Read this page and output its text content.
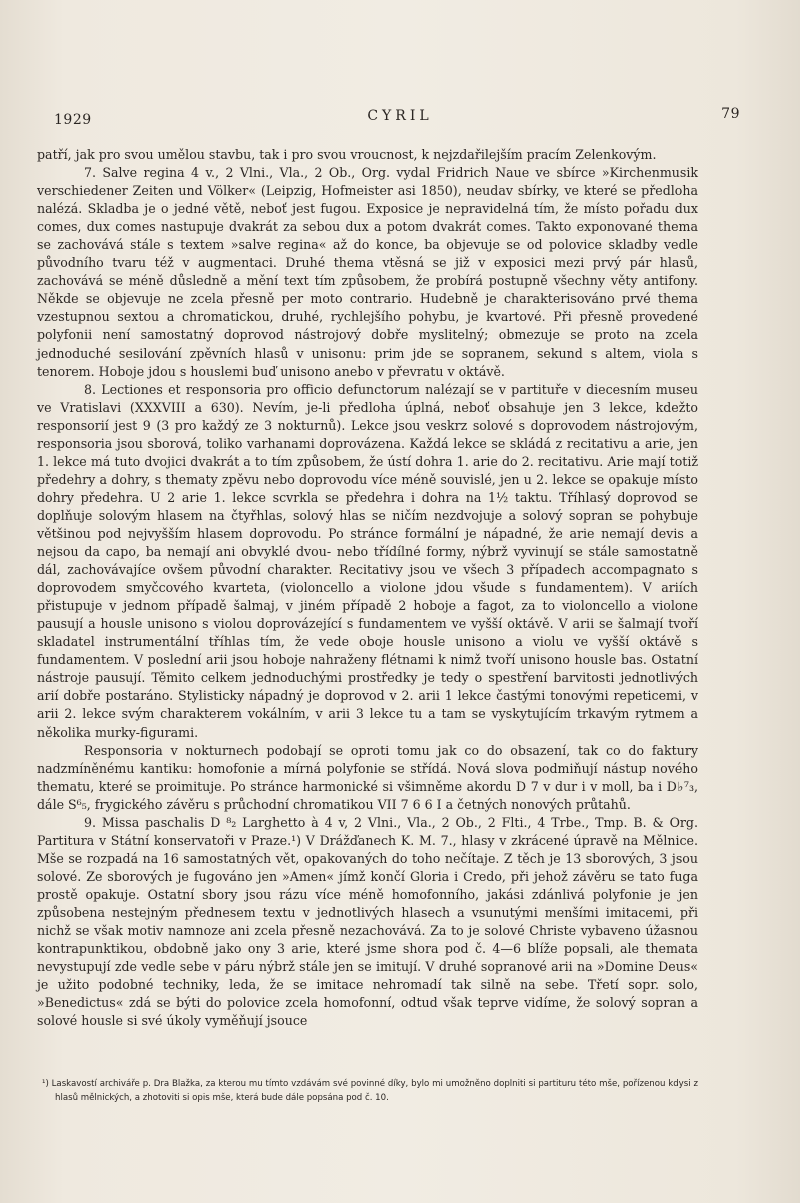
1929	CYRIL	79

patří, jak pro svou umělou stavbu, tak i pro svou vroucnost, k nejzdařilejším pracím Zelenkovým.

7. Salve regina 4 v., 2 Vlni., Vla., 2 Ob., Org. vydal Fridrich Naue ve sbírce »Kirchenmusik verschiedener Zeiten und Völker« (Leipzig, Hofmeister asi 1850), neudav sbírky, ve které se předloha nalézá. Skladba je o jedné větě, neboť jest fugou. Exposice je nepravidelná tím, že místo pořadu dux comes, dux comes nastupuje dvakrát za sebou dux a potom dvakrát comes. Takto exponované thema se zachovává stále s textem »salve regina« až do konce, ba objevuje se od polovice skladby vedle původního tvaru též v augmentaci. Druhé thema vtěsná se již v exposici mezi prvý pár hlasů, zachovává se méně důsledně a mění text tím způsobem, že probírá postupně všechny věty antifony. Někde se objevuje ne zcela přesně per moto contrario. Hudebně je charakterisováno prvé thema vzestupnou sextou a chromatickou, druhé, rychlejšího pohybu, je kvartové. Při přesně provedené polyfonii není samostatný doprovod nástrojový dobře myslitelný; obmezuje se proto na zcela jednoduché sesilování zpěvních hlasů v unisonu: prim jde se sopranem, sekund s altem, viola s tenorem. Hoboje jdou s houslemi buď unisono anebo v převratu v oktávě.

8. Lectiones et responsoria pro officio defunctorum nalézají se v partituře v diecesním museu ve Vratislavi (XXXVIII a 630). Nevím, je-li předloha úplná, neboť obsahuje jen 3 lekce, kdežto responsorií jest 9 (3 pro každý ze 3 nokturnů). Lekce jsou veskrz solové s doprovodem nástrojovým, responsoria jsou sborová, toliko varhanami doprovázena. Každá lekce se skládá z recitativu a arie, jen 1. lekce má tuto dvojici dvakrát a to tím způsobem, že ústí dohra 1. arie do 2. recitativu. Arie mají totiž předehry a dohry, s thematy zpěvu nebo doprovodu více méně souvislé, jen u 2. lekce se opakuje místo dohry předehra. U 2 arie 1. lekce scvrkla se předehra i dohra na 1½ taktu. Tříhlasý doprovod se doplňuje solovým hlasem na čtyřhlas, solový hlas se ničím nezdvojuje a solový sopran se pohybuje většinou pod nejvyšším hlasem doprovodu. Po stránce formální je nápadné, že arie nemají devis a nejsou da capo, ba nemají ani obvyklé dvou- nebo třídílné formy, nýbrž vyvinují se stále samostatně dál, zachovávajíce ovšem původní charakter. Recitativy jsou ve všech 3 případech accompagnato s doprovodem smyčcového kvarteta, (violoncello a violone jdou všude s fundamentem). V ariích přistupuje v jednom případě šalmaj, v jiném případě 2 hoboje a fagot, za to violoncello a violone pausují a housle unisono s violou doprovázející s fundamentem ve vyšší oktávě. V arii se šalmají tvoří skladatel instrumentální tříhlas tím, že vede oboje housle unisono a violu ve vyšší oktávě s fundamentem. V poslední arii jsou hoboje nahraženy flétnami k nimž tvoří unisono housle bas. Ostatní nástroje pausují. Těmito celkem jednoduchými prostředky je tedy o spestření barvitosti jednotlivých arií dobře postaráno. Stylisticky nápadný je doprovod v 2. arii 1 lekce častými tonovými repeticemi, v arii 2. lekce svým charakterem vokálním, v arii 3 lekce tu a tam se vyskytujícím trkavým rytmem a několika murky-figurami.

Responsoria v nokturnech podobají se oproti tomu jak co do obsazení, tak co do faktury nadzmíněnému kantiku: homofonie a mírná polyfonie se střídá. Nová slova podmiňují nástup nového thematu, které se proimituje. Po stránce harmonické si všimněme akordu D 7 v dur i v moll, ba i D♭⁷₃, dále S⁶₅, frygického závěru s průchodní chromatikou VII 7 6 6 I a četných nonových průtahů.

9. Missa paschalis D ⁸₂ Larghetto à 4 v, 2 Vlni., Vla., 2 Ob., 2 Flti., 4 Trbe., Tmp. B. & Org. Partitura v Státní konservatoři v Praze.¹) V Drážďanech K. M. 7., hlasy v zkrácené úpravě na Mělnice. Mše se rozpadá na 16 samostatných vět, opakovaných do toho nečítaje. Z těch je 13 sborových, 3 jsou solové. Ze sborových je fugováno jen »Amen« jímž končí Gloria i Credo, při jehož závěru se tato fuga prostě opakuje. Ostatní sbory jsou rázu více méně homofonního, jakási zdánlivá polyfonie je jen způsobena nestejným přednesem textu v jednotlivých hlasech a vsunutými menšími imitacemi, při nichž se však motiv namnoze ani zcela přesně nezachovává. Za to je solové Christe vybaveno úžasnou kontrapunktikou, obdobně jako ony 3 arie, které jsme shora pod č. 4—6 blíže popsali, ale themata nevystupují zde vedle sebe v páru nýbrž stále jen se imitují. V druhé sopranové arii na »Domine Deus« je užito podobné techniky, leda, že se imitace nehromadí tak silně na sebe. Třetí sopr. solo, »Benedictus« zdá se býti do polovice zcela homofonní, odtud však teprve vidíme, že solový sopran a solové housle si své úkoly vyměňují jsouce

¹) Laskavostí archiváře p. Dra Blažka, za kterou mu tímto vzdávám své povinné díky, bylo mi umožněno doplniti si partituru této mše, pořízenou kdysi z hlasů mělnických, a zhotoviti si opis mše, která bude dále popsána pod č. 10.
